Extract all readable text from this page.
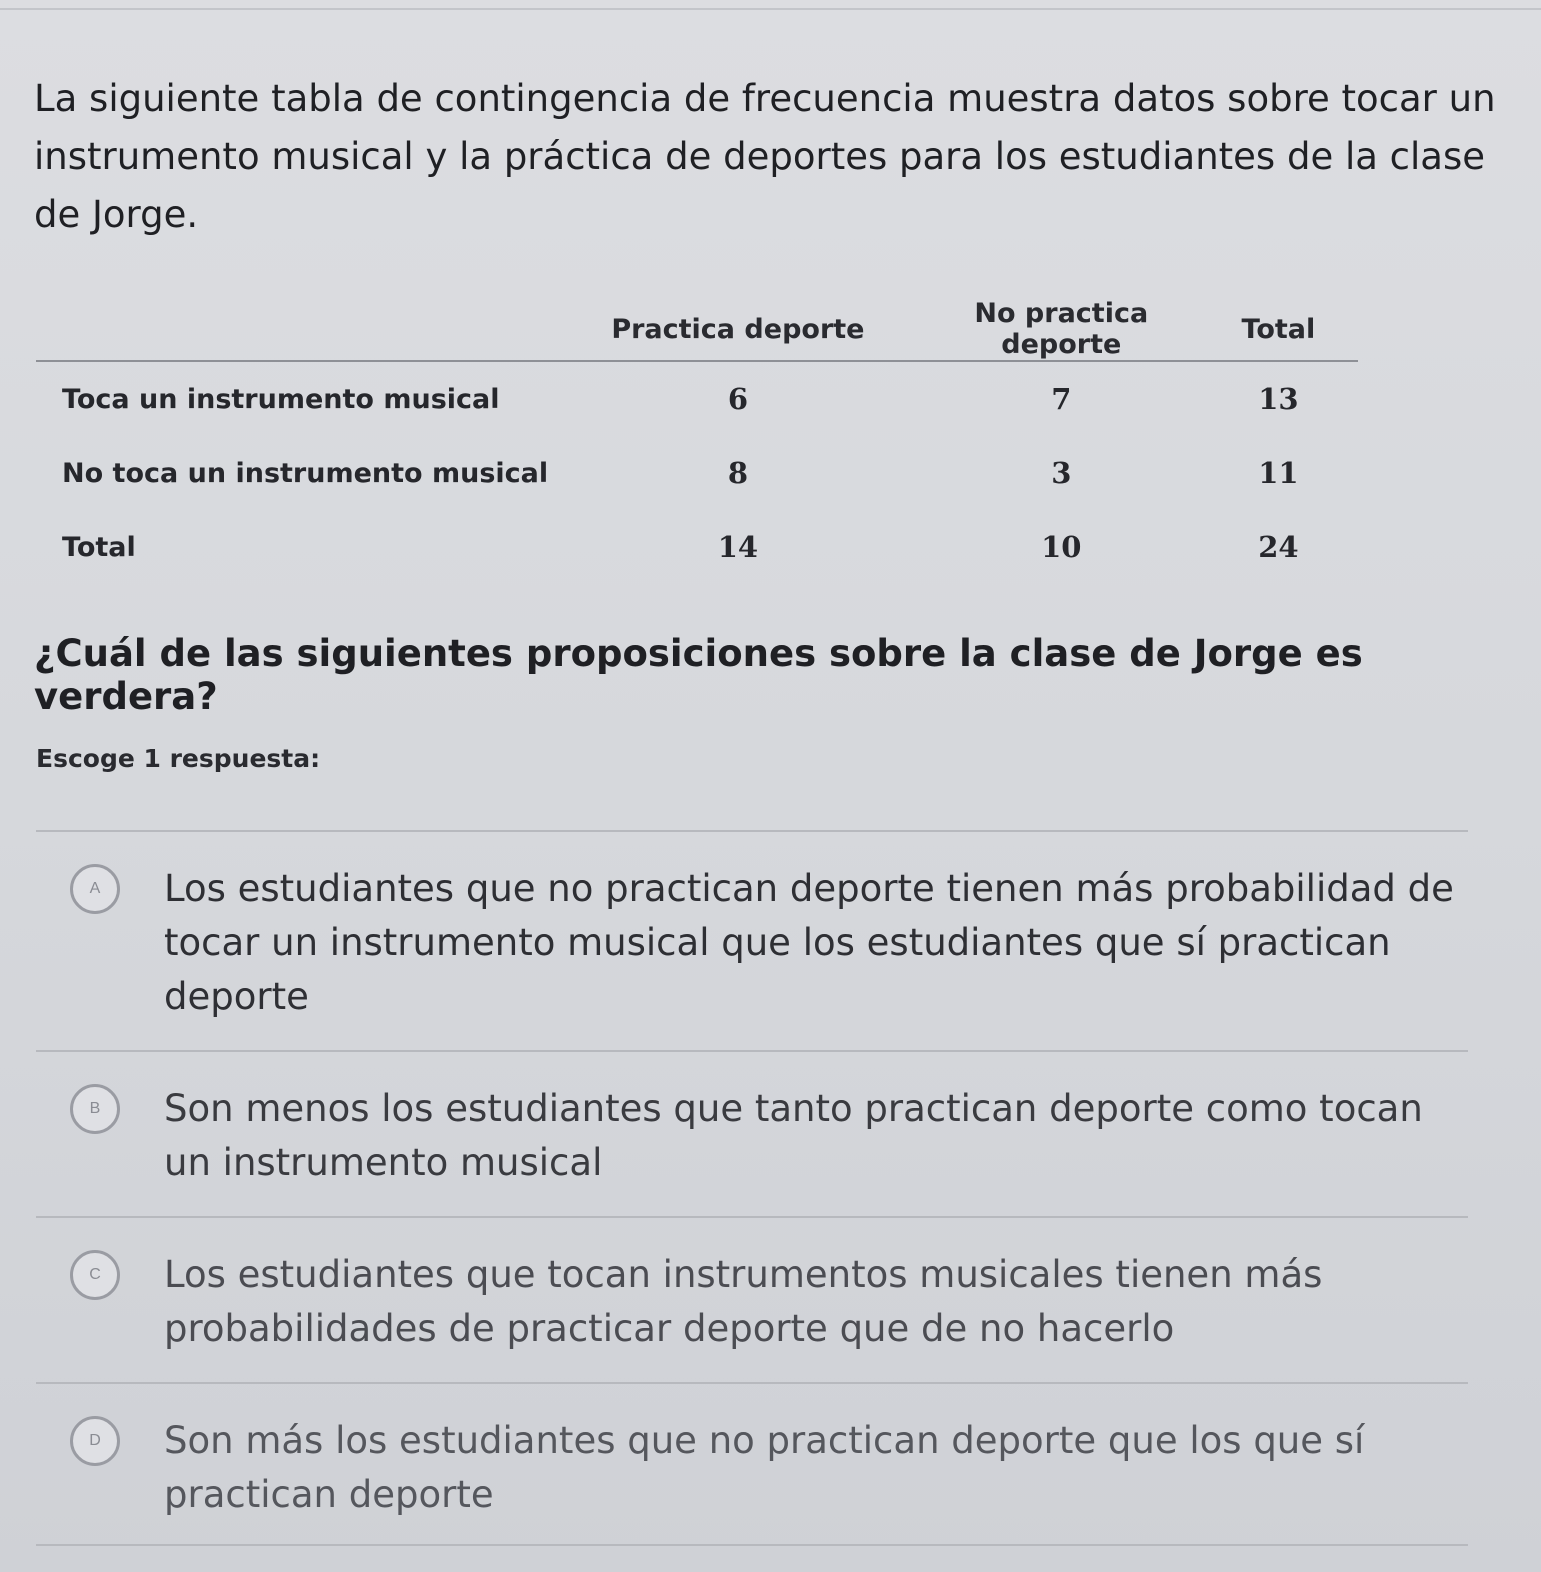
La siguiente tabla de contingencia de frecuencia muestra datos sobre tocar un instrumento musical y la práctica de deportes para los estudiantes de la clase de Jorge.

	Practica deporte	No practica deporte	Total
Toca un instrumento musical	6	7	13
No toca un instrumento musical	8	3	11
Total	14	10	24

¿Cuál de las siguientes proposiciones sobre la clase de Jorge es verdera?

Escoge 1 respuesta:
A	Los estudiantes que no practican deporte tienen más probabilidad de tocar un instrumento musical que los estudiantes que sí practican deporte
B	Son menos los estudiantes que tanto practican deporte como tocan un instrumento musical
C	Los estudiantes que tocan instrumentos musicales tienen más probabilidades de practicar deporte que de no hacerlo
D	Son más los estudiantes que no practican deporte que los que sí practican deporte
